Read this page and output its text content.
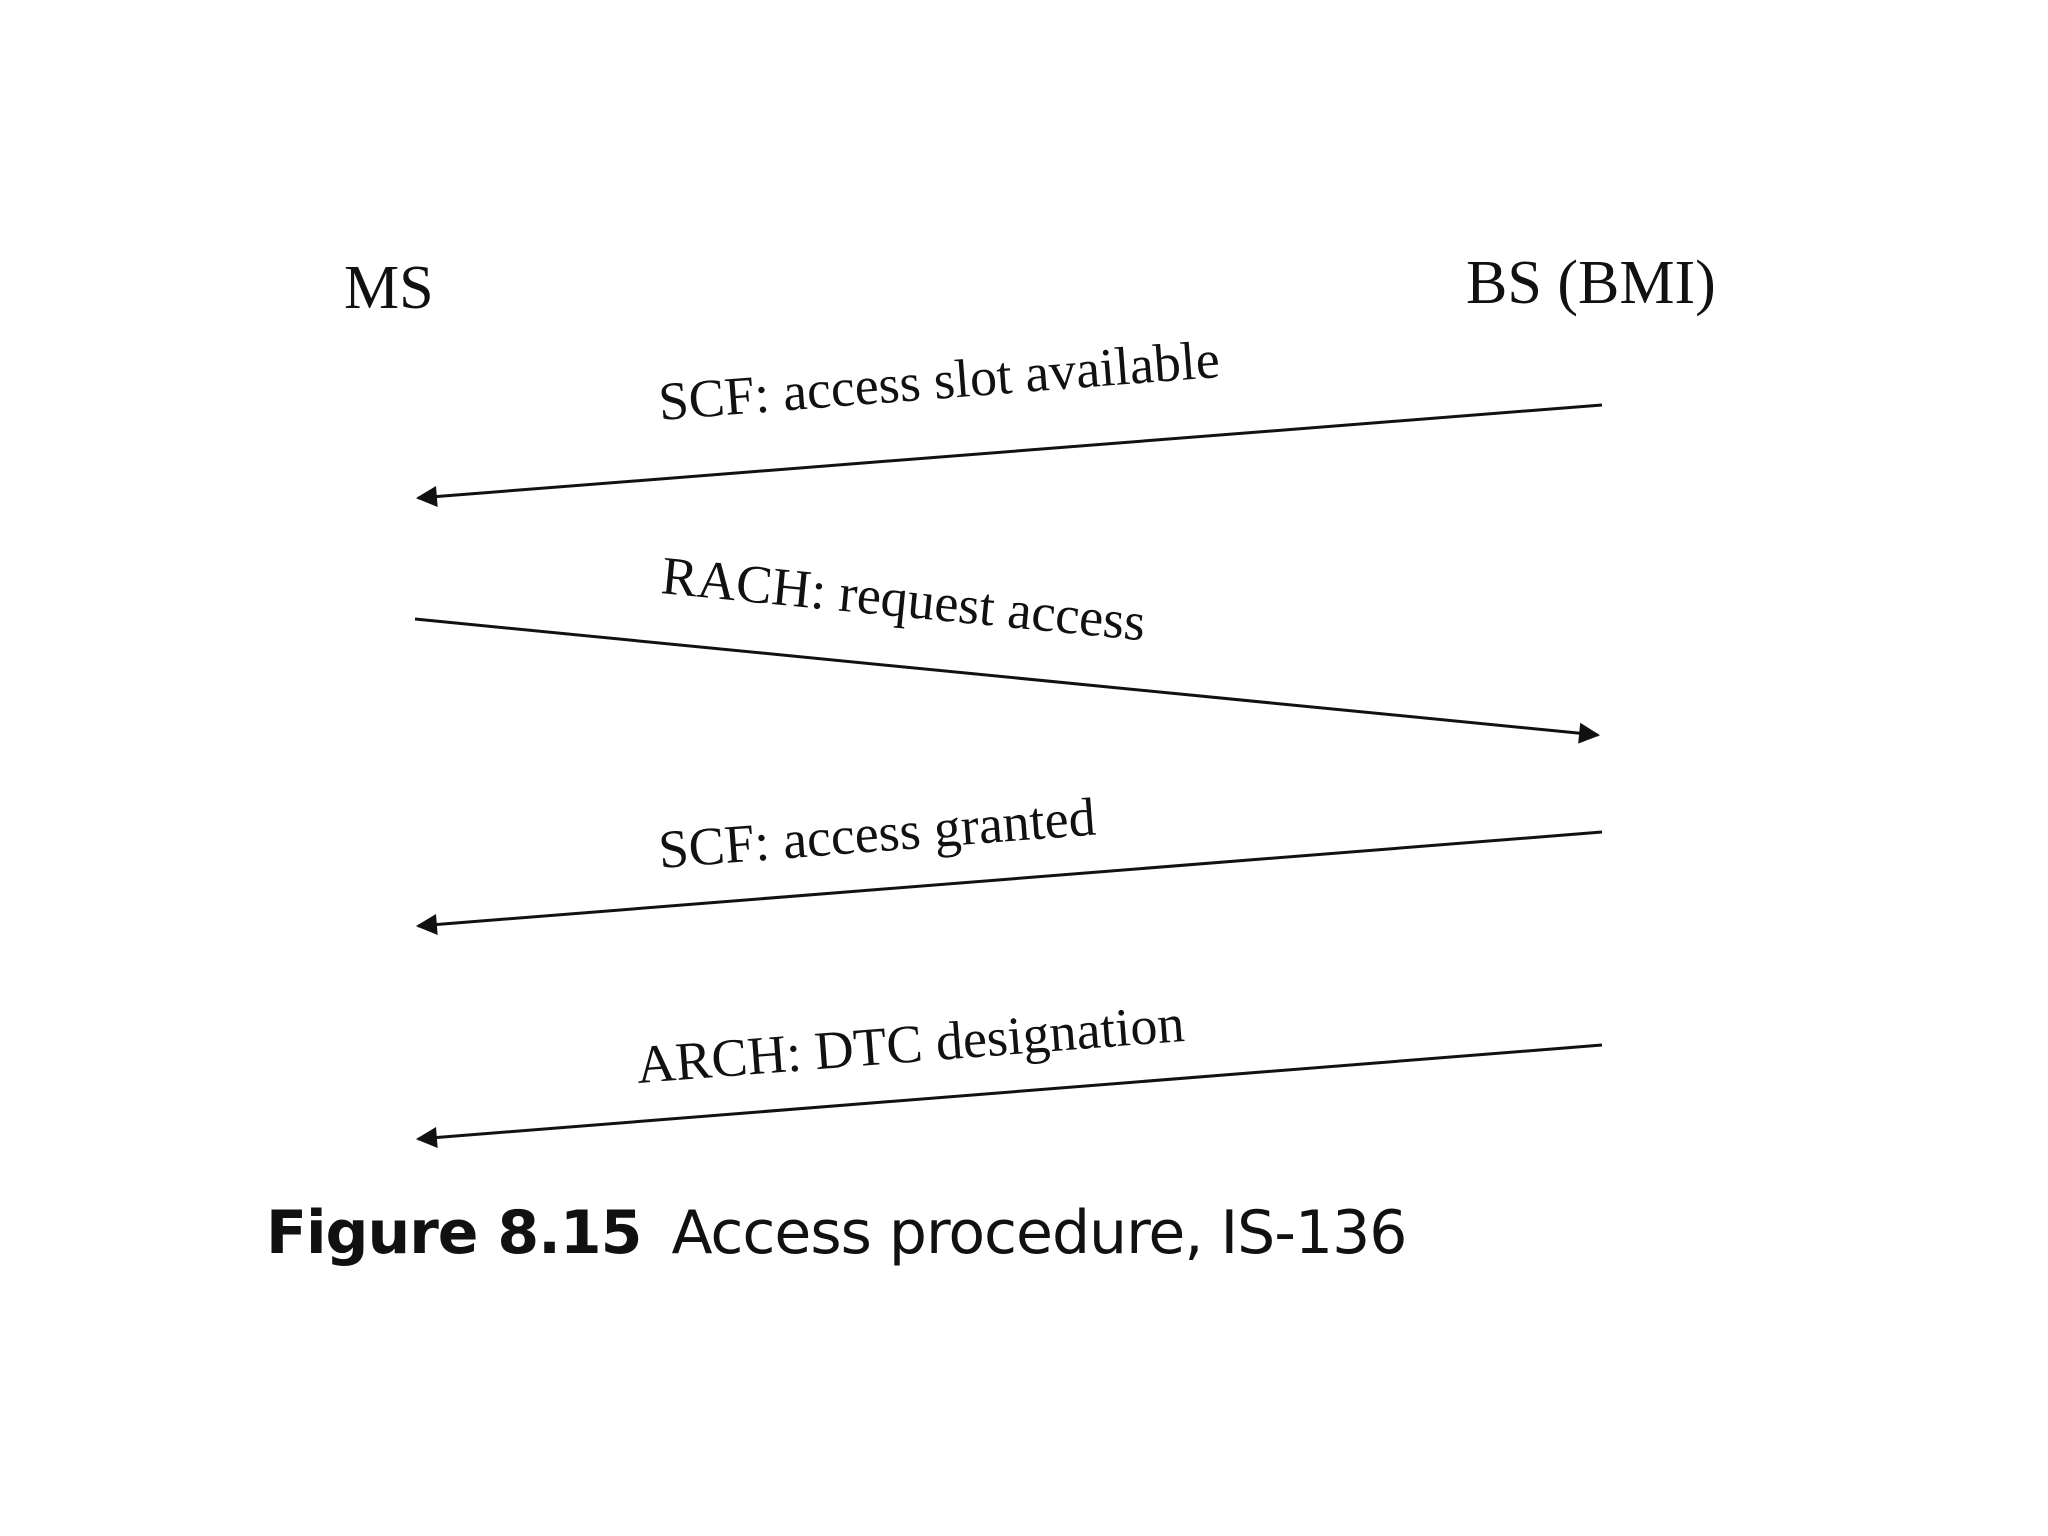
MS	BS (BMI)
SCF: access slot available
RACH: request access
SCF: access granted
ARCH: DTC designation
Figure 8.15 Access procedure, IS-136
